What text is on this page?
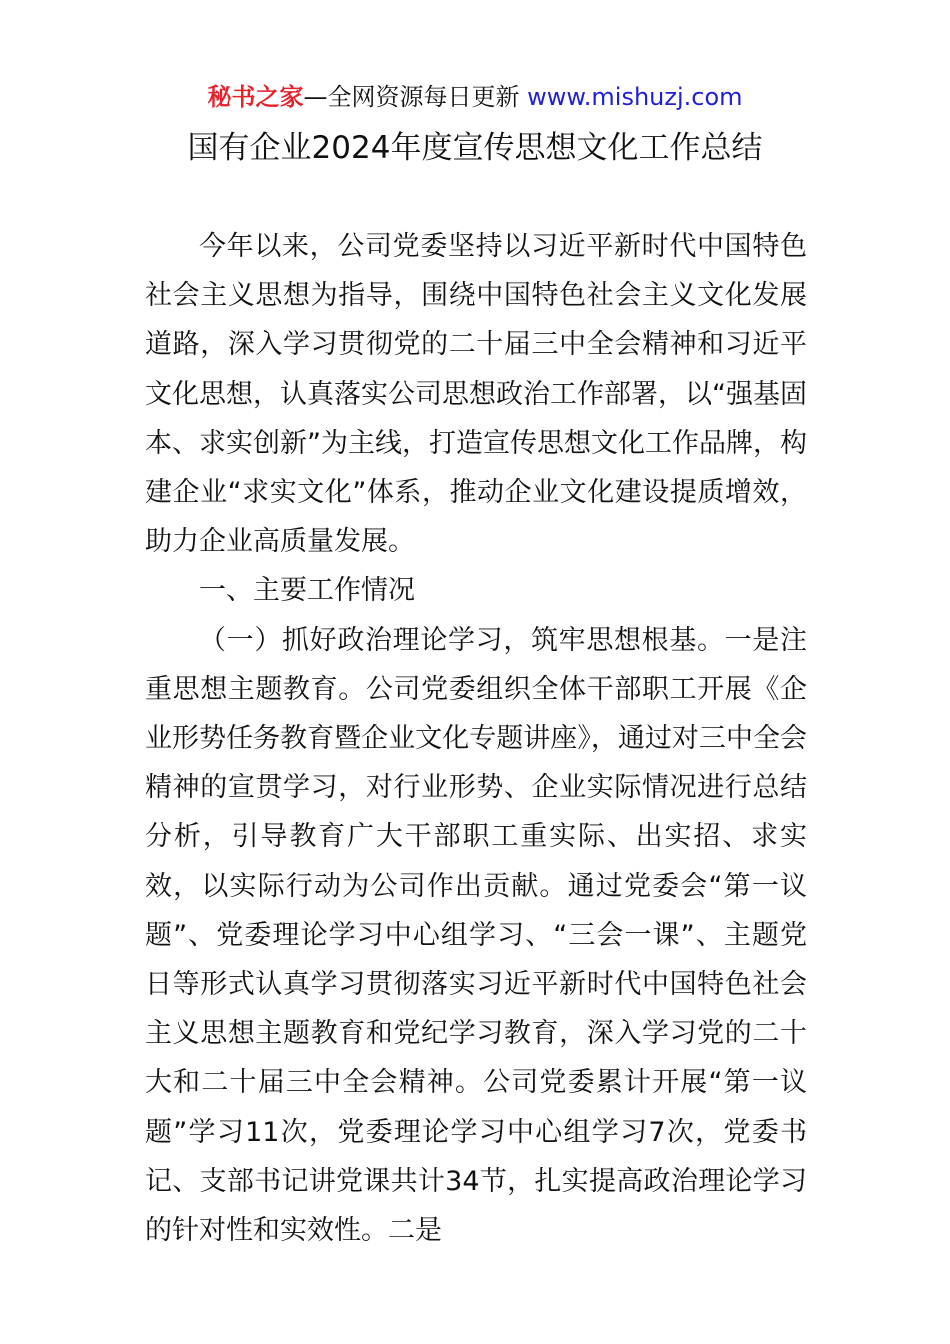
秘书之家—全网资源每日更新 www.mishuzj.com
国有企业2024年度宣传思想文化工作总结

今年以来，公司党委坚持以习近平新时代中国特色社会主义思想为指导，围绕中国特色社会主义文化发展道路，深入学习贯彻党的二十届三中全会精神和习近平文化思想，认真落实公司思想政治工作部署，以“强基固本、求实创新”为主线，打造宣传思想文化工作品牌，构建企业“求实文化”体系，推动企业文化建设提质增效，助力企业高质量发展。

一、主要工作情况

（一）抓好政治理论学习，筑牢思想根基。一是注重思想主题教育。公司党委组织全体干部职工开展《企业形势任务教育暨企业文化专题讲座》，通过对三中全会精神的宣贯学习，对行业形势、企业实际情况进行总结分析，引导教育广大干部职工重实际、出实招、求实效，以实际行动为公司作出贡献。通过党委会“第一议题”、党委理论学习中心组学习、“三会一课”、主题党日等形式认真学习贯彻落实习近平新时代中国特色社会主义思想主题教育和党纪学习教育，深入学习党的二十大和二十届三中全会精神。公司党委累计开展“第一议题”学习11次，党委理论学习中心组学习7次，党委书记、支部书记讲党课共计34节，扎实提高政治理论学习的针对性和实效性。二是
